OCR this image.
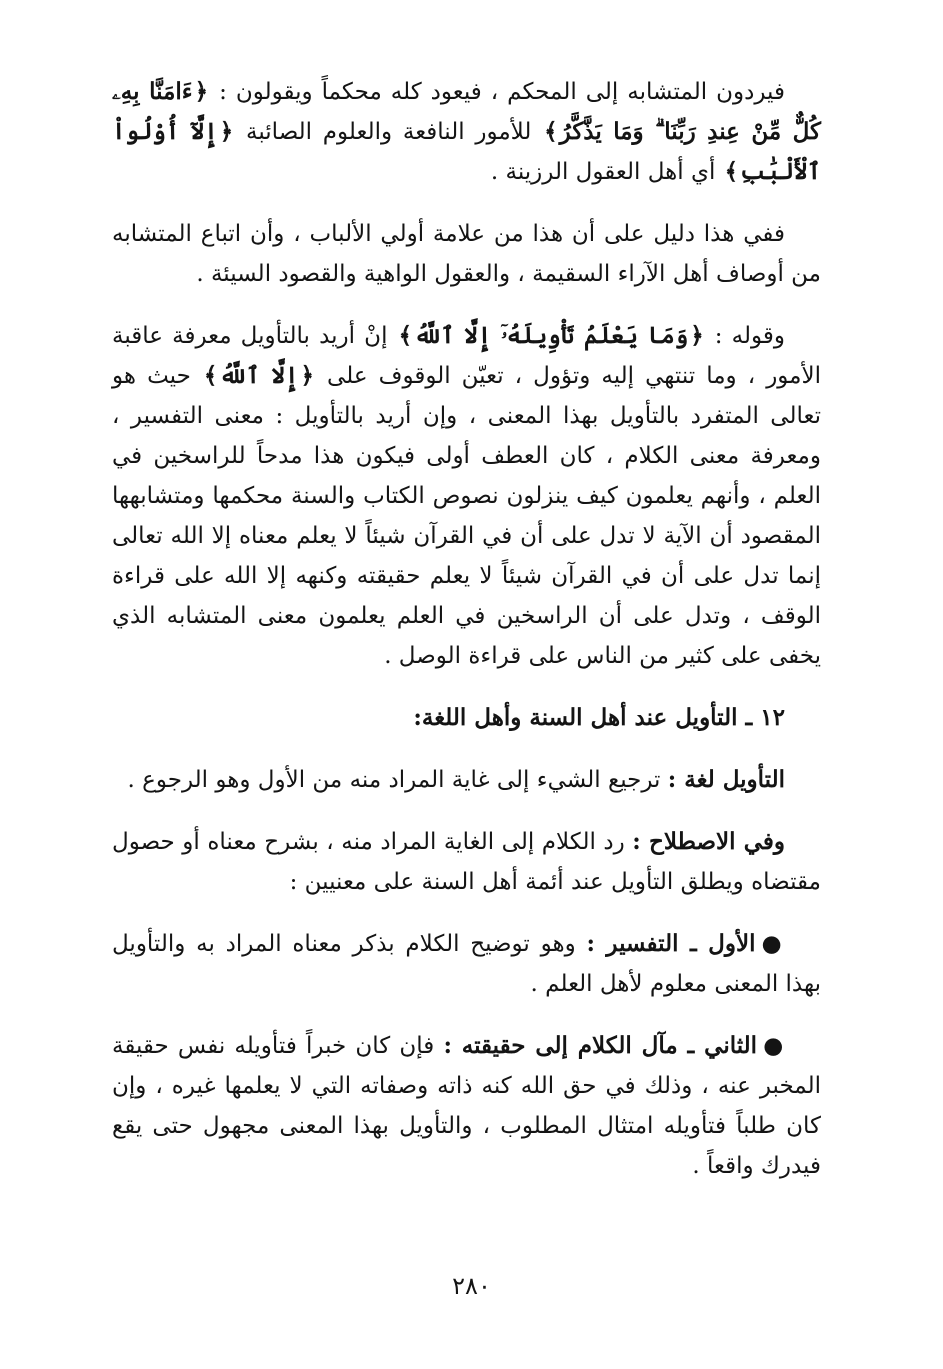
فيردون المتشابه إلى المحكم ، فيعود كله محكماً ويقولون : ﴿ءَامَنَّا بِهِۦ كُلٌّ مِّنْ عِندِ رَبِّنَا ۗ وَمَا يَذَّكَّرُ﴾ للأمور النافعة والعلوم الصائبة ﴿إِلَّآ أُوْلُواْ ٱلْأَلْبَٰبِ﴾ أي أهل العقول الرزينة .

ففي هذا دليل على أن هذا من علامة أولي الألباب ، وأن اتباع المتشابه من أوصاف أهل الآراء السقيمة ، والعقول الواهية والقصود السيئة .

وقوله : ﴿وَمَا يَعْلَمُ تَأْوِيلَهُۥٓ إِلَّا ٱللَّهُ﴾ إنْ أريد بالتأويل معرفة عاقبة الأمور ، وما تنتهي إليه وتؤول ، تعيّن الوقوف على ﴿إِلَّا ٱللَّهُ﴾ حيث هو تعالى المتفرد بالتأويل بهذا المعنى ، وإن أريد بالتأويل : معنى التفسير ، ومعرفة معنى الكلام ، كان العطف أولى فيكون هذا مدحاً للراسخين في العلم ، وأنهم يعلمون كيف ينزلون نصوص الكتاب والسنة محكمها ومتشابهها المقصود أن الآية لا تدل على أن في القرآن شيئاً لا يعلم معناه إلا الله تعالى إنما تدل على أن في القرآن شيئاً لا يعلم حقيقته وكنهه إلا الله على قراءة الوقف ، وتدل على أن الراسخين في العلم يعلمون معنى المتشابه الذي يخفى على كثير من الناس على قراءة الوصل .

١٢ ـ التأويل عند أهل السنة وأهل اللغة:

التأويل لغة : ترجيع الشيء إلى غاية المراد منه من الأول وهو الرجوع .

وفي الاصطلاح : رد الكلام إلى الغاية المراد منه ، بشرح معناه أو حصول مقتضاه ويطلق التأويل عند أئمة أهل السنة على معنيين :

●الأول ـ التفسير : وهو توضيح الكلام بذكر معناه المراد به والتأويل بهذا المعنى معلوم لأهل العلم .

●الثاني ـ مآل الكلام إلى حقيقته : فإن كان خبراً فتأويله نفس حقيقة المخبر عنه ، وذلك في حق الله كنه ذاته وصفاته التي لا يعلمها غيره ، وإن كان طلباً فتأويله امتثال المطلوب ، والتأويل بهذا المعنى مجهول حتى يقع فيدرك واقعاً .

٢٨٠
